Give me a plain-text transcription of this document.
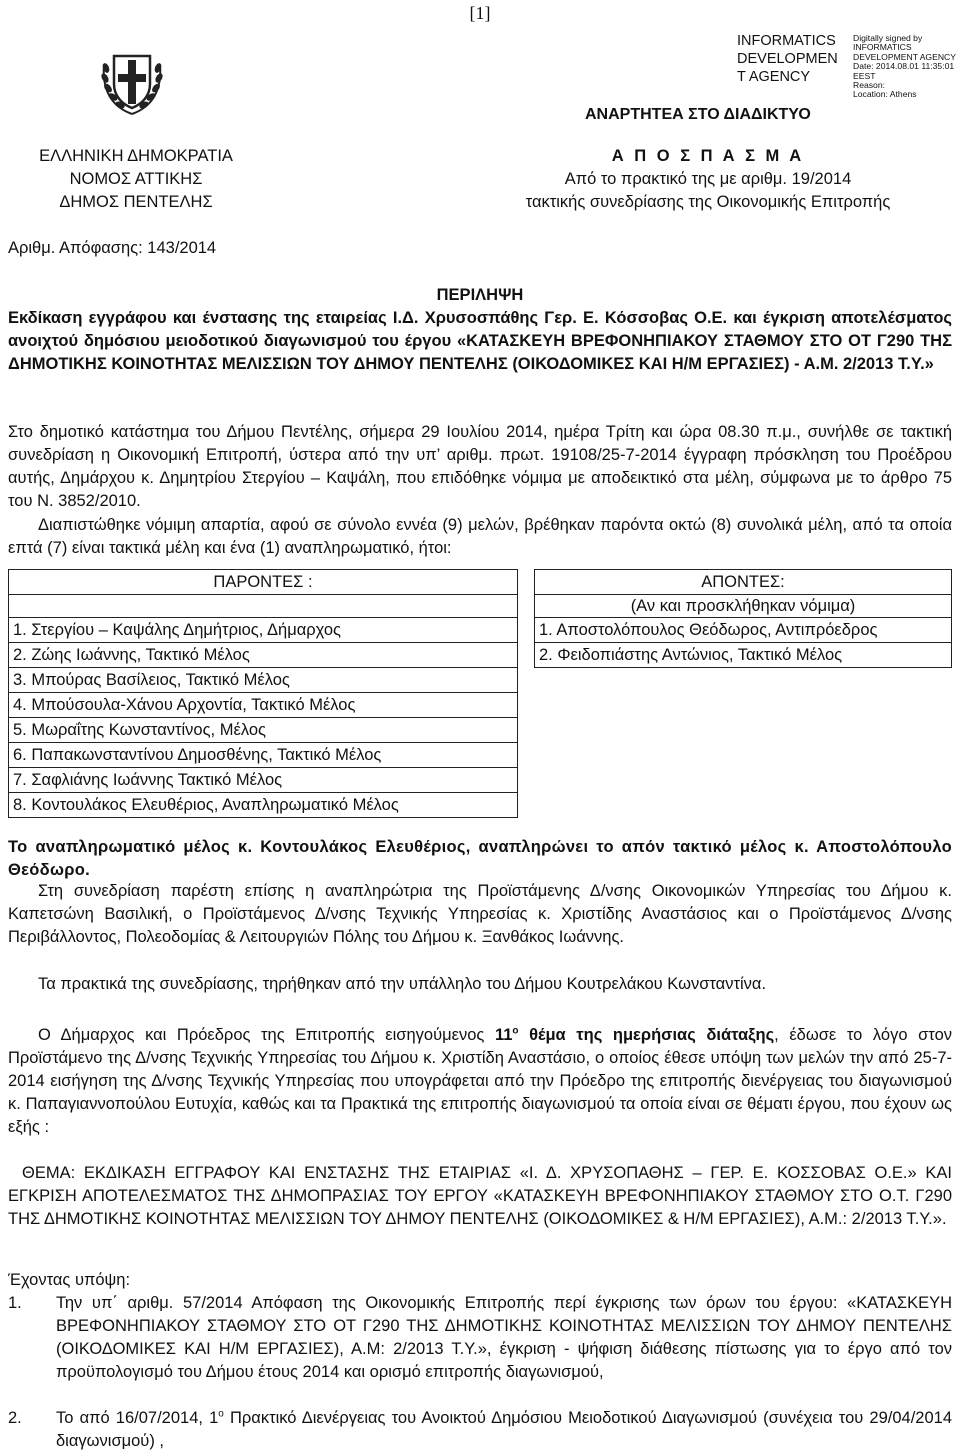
[1]
INFORMATICS
DEVELOPMEN
T AGENCY
Digitally signed by
INFORMATICS
DEVELOPMENT AGENCY
Date: 2014.08.01 11:35:01
EEST
Reason:
Location: Athens
ΑΝΑΡΤΗΤΕΑ ΣΤΟ ΔΙΑΔΙΚΤΥΟ
ΕΛΛΗΝΙΚΗ ΔΗΜΟΚΡΑΤΙΑ
ΝΟΜΟΣ ΑΤΤΙΚΗΣ
ΔΗΜΟΣ ΠΕΝΤΕΛΗΣ
Α Π Ο Σ Π Α Σ Μ Α
Από το πρακτικό της με αριθμ. 19/2014
τακτικής συνεδρίασης της Οικονομικής Επιτροπής
Αριθμ. Απόφασης: 143/2014
ΠΕΡΙΛΗΨΗ
Εκδίκαση εγγράφου και ένστασης της εταιρείας Ι.Δ. Χρυσοσπάθης Γερ. Ε. Κόσσοβας Ο.Ε. και έγκριση αποτελέσματος ανοιχτού δημόσιου μειοδοτικού διαγωνισμού του έργου «ΚΑΤΑΣΚΕΥΗ ΒΡΕΦΟΝΗΠΙΑΚΟΥ ΣΤΑΘΜΟΥ ΣΤΟ ΟΤ Γ290 ΤΗΣ ΔΗΜΟΤΙΚΗΣ ΚΟΙΝΟΤΗΤΑΣ ΜΕΛΙΣΣΙΩΝ ΤΟΥ ΔΗΜΟΥ ΠΕΝΤΕΛΗΣ (ΟΙΚΟΔΟΜΙΚΕΣ ΚΑΙ Η/Μ ΕΡΓΑΣΙΕΣ) - Α.Μ. 2/2013 Τ.Υ.»
Στο δημοτικό κατάστημα του Δήμου Πεντέλης, σήμερα 29 Ιουλίου 2014, ημέρα Τρίτη και ώρα 08.30 π.μ., συνήλθε σε τακτική συνεδρίαση η Οικονομική Επιτροπή, ύστερα από την υπ’ αριθμ. πρωτ. 19108/25-7-2014 έγγραφη πρόσκληση του Προέδρου αυτής, Δημάρχου κ. Δημητρίου Στεργίου – Καψάλη, που επιδόθηκε νόμιμα με αποδεικτικό στα μέλη, σύμφωνα με το άρθρο 75 του Ν. 3852/2010.
Διαπιστώθηκε νόμιμη απαρτία, αφού σε σύνολο εννέα (9) μελών, βρέθηκαν παρόντα οκτώ (8) συνολικά μέλη, από τα οποία επτά (7) είναι τακτικά μέλη και ένα (1) αναπληρωματικό, ήτοι:
ΠΑΡΟΝΤΕΣ :		ΑΠΟΝΤΕΣ:
		(Αν και προσκλήθηκαν νόμιμα)
1. Στεργίου – Καψάλης Δημήτριος, Δήμαρχος		1. Αποστολόπουλος Θεόδωρος, Αντιπρόεδρος
2. Ζώης Ιωάννης, Τακτικό Μέλος		2. Φειδοπιάστης Αντώνιος, Τακτικό Μέλος
3. Μπούρας Βασίλειος, Τακτικό Μέλος		
4. Μπούσουλα-Χάνου Αρχοντία, Τακτικό Μέλος		
5. Μωραΐτης Κωνσταντίνος, Μέλος		
6. Παπακωνσταντίνου Δημοσθένης, Τακτικό Μέλος		
7. Σαφλιάνης Ιωάννης Τακτικό Μέλος		
8. Κοντουλάκος Ελευθέριος, Αναπληρωματικό Μέλος		
Το αναπληρωματικό μέλος κ. Κοντουλάκος Ελευθέριος, αναπληρώνει το απόν τακτικό μέλος κ. Αποστολόπουλο Θεόδωρο.
Στη συνεδρίαση παρέστη επίσης η αναπληρώτρια της Προϊστάμενης Δ/νσης Οικονομικών Υπηρεσίας του Δήμου κ. Καπετσώνη Βασιλική, ο Προϊστάμενος Δ/νσης Τεχνικής Υπηρεσίας κ. Χριστίδης Αναστάσιος και ο Προϊστάμενος Δ/νσης Περιβάλλοντος, Πολεοδομίας & Λειτουργιών Πόλης του Δήμου κ. Ξανθάκος Ιωάννης.
Τα πρακτικά της συνεδρίασης, τηρήθηκαν από την υπάλληλο του Δήμου Κουτρελάκου Κωνσταντίνα.
Ο Δήμαρχος και Πρόεδρος της Επιτροπής εισηγούμενος $11^o$ θέμα της ημερήσιας διάταξης, έδωσε το λόγο στον Προϊστάμενο της Δ/νσης Τεχνικής Υπηρεσίας του Δήμου κ. Χριστίδη Αναστάσιο, ο οποίος έθεσε υπόψη των μελών την από 25-7-2014 εισήγηση της Δ/νσης Τεχνικής Υπηρεσίας που υπογράφεται από την Πρόεδρο της επιτροπής διενέργειας του διαγωνισμού κ. Παπαγιαννοπούλου Ευτυχία, καθώς και τα Πρακτικά της επιτροπής διαγωνισμού τα οποία είναι σε θέματι έργου, που έχουν ως εξής :
ΘΕΜΑ: ΕΚΔΙΚΑΣΗ ΕΓΓΡΑΦΟΥ ΚΑΙ ΕΝΣΤΑΣΗΣ ΤΗΣ ΕΤΑΙΡΙΑΣ «Ι. Δ. ΧΡΥΣΟΠΑΘΗΣ – ΓΕΡ. Ε. ΚΟΣΣΟΒΑΣ Ο.Ε.» ΚΑΙ ΕΓΚΡΙΣΗ ΑΠΟΤΕΛΕΣΜΑΤΟΣ ΤΗΣ ΔΗΜΟΠΡΑΣΙΑΣ ΤΟΥ ΕΡΓΟΥ «ΚΑΤΑΣΚΕΥΗ ΒΡΕΦΟΝΗΠΙΑΚΟΥ ΣΤΑΘΜΟΥ ΣΤΟ Ο.Τ. Γ290 ΤΗΣ ΔΗΜΟΤΙΚΗΣ ΚΟΙΝΟΤΗΤΑΣ ΜΕΛΙΣΣΙΩΝ ΤΟΥ ΔΗΜΟΥ ΠΕΝΤΕΛΗΣ (ΟΙΚΟΔΟΜΙΚΕΣ & Η/Μ ΕΡΓΑΣΙΕΣ), Α.Μ.: 2/2013 Τ.Υ.».
Έχοντας υπόψη:
1.	Την υπ΄ αριθμ. 57/2014 Απόφαση της Οικονομικής Επιτροπής περί έγκρισης των όρων του έργου: «ΚΑΤΑΣΚΕΥΗ ΒΡΕΦΟΝΗΠΙΑΚΟΥ ΣΤΑΘΜΟΥ ΣΤΟ ΟΤ Γ290 ΤΗΣ ΔΗΜΟΤΙΚΗΣ ΚΟΙΝΟΤΗΤΑΣ ΜΕΛΙΣΣΙΩΝ ΤΟΥ ΔΗΜΟΥ ΠΕΝΤΕΛΗΣ (ΟΙΚΟΔΟΜΙΚΕΣ ΚΑΙ Η/Μ ΕΡΓΑΣΙΕΣ), Α.Μ: 2/2013 Τ.Υ.», έγκριση - ψήφιση διάθεσης πίστωσης για το έργο από τον προϋπολογισμό του Δήμου έτους 2014 και ορισμό επιτροπής διαγωνισμού,
2.	Το από 16/07/2014, $1^o$ Πρακτικό Διενέργειας του Ανοικτού Δημόσιου Μειοδοτικού Διαγωνισμού (συνέχεια του 29/04/2014 διαγωνισμού) ,
